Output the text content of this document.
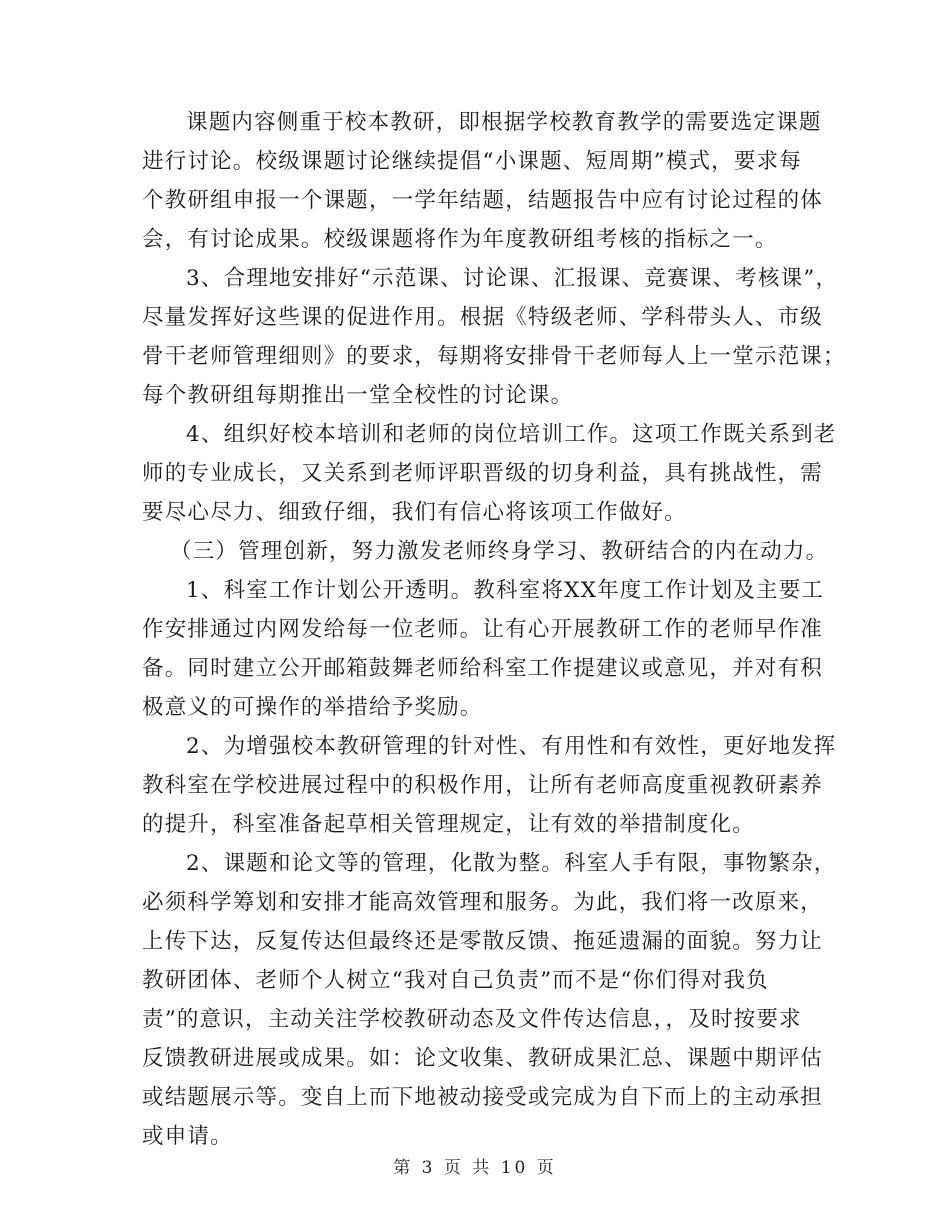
课题内容侧重于校本教研，即根据学校教育教学的需要选定课题
进行讨论。校级课题讨论继续提倡“小课题、短周期”模式，要求每
个教研组申报一个课题，一学年结题，结题报告中应有讨论过程的体
会，有讨论成果。校级课题将作为年度教研组考核的指标之一。
3、合理地安排好“示范课、讨论课、汇报课、竞赛课、考核课”，
尽量发挥好这些课的促进作用。根据《特级老师、学科带头人、市级
骨干老师管理细则》的要求，每期将安排骨干老师每人上一堂示范课；
每个教研组每期推出一堂全校性的讨论课。
4、组织好校本培训和老师的岗位培训工作。这项工作既关系到老
师的专业成长，又关系到老师评职晋级的切身利益，具有挑战性，需
要尽心尽力、细致仔细，我们有信心将该项工作做好。
（三）管理创新，努力激发老师终身学习、教研结合的内在动力。
1、科室工作计划公开透明。教科室将XX年度工作计划及主要工
作安排通过内网发给每一位老师。让有心开展教研工作的老师早作准
备。同时建立公开邮箱鼓舞老师给科室工作提建议或意见，并对有积
极意义的可操作的举措给予奖励。
2、为增强校本教研管理的针对性、有用性和有效性，更好地发挥
教科室在学校进展过程中的积极作用，让所有老师高度重视教研素养
的提升，科室准备起草相关管理规定，让有效的举措制度化。
2、课题和论文等的管理，化散为整。科室人手有限，事物繁杂，
必须科学筹划和安排才能高效管理和服务。为此，我们将一改原来，
上传下达，反复传达但最终还是零散反馈、拖延遗漏的面貌。努力让
教研团体、老师个人树立“我对自己负责”而不是“你们得对我负
责”的意识，主动关注学校教研动态及文件传达信息，，及时按要求
反馈教研进展或成果。如：论文收集、教研成果汇总、课题中期评估
或结题展示等。变自上而下地被动接受或完成为自下而上的主动承担
或申请。
第 3 页 共 10 页
